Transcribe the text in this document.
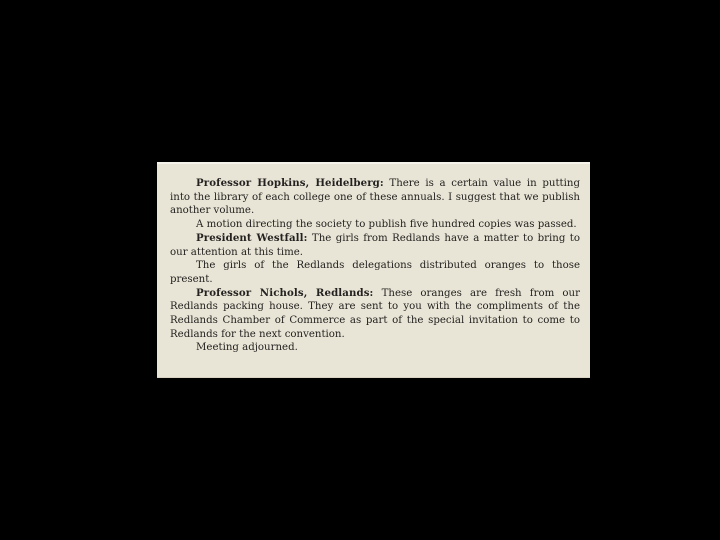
Professor Hopkins, Heidelberg: There is a certain value in putting into the library of each college one of these annuals. I suggest that we publish another volume.

A motion directing the society to publish five hundred copies was passed.

President Westfall: The girls from Redlands have a matter to bring to our attention at this time.

The girls of the Redlands delegations distributed oranges to those present.

Professor Nichols, Redlands: These oranges are fresh from our Redlands packing house. They are sent to you with the compliments of the Redlands Chamber of Commerce as part of the special invitation to come to Redlands for the next convention.

Meeting adjourned.
